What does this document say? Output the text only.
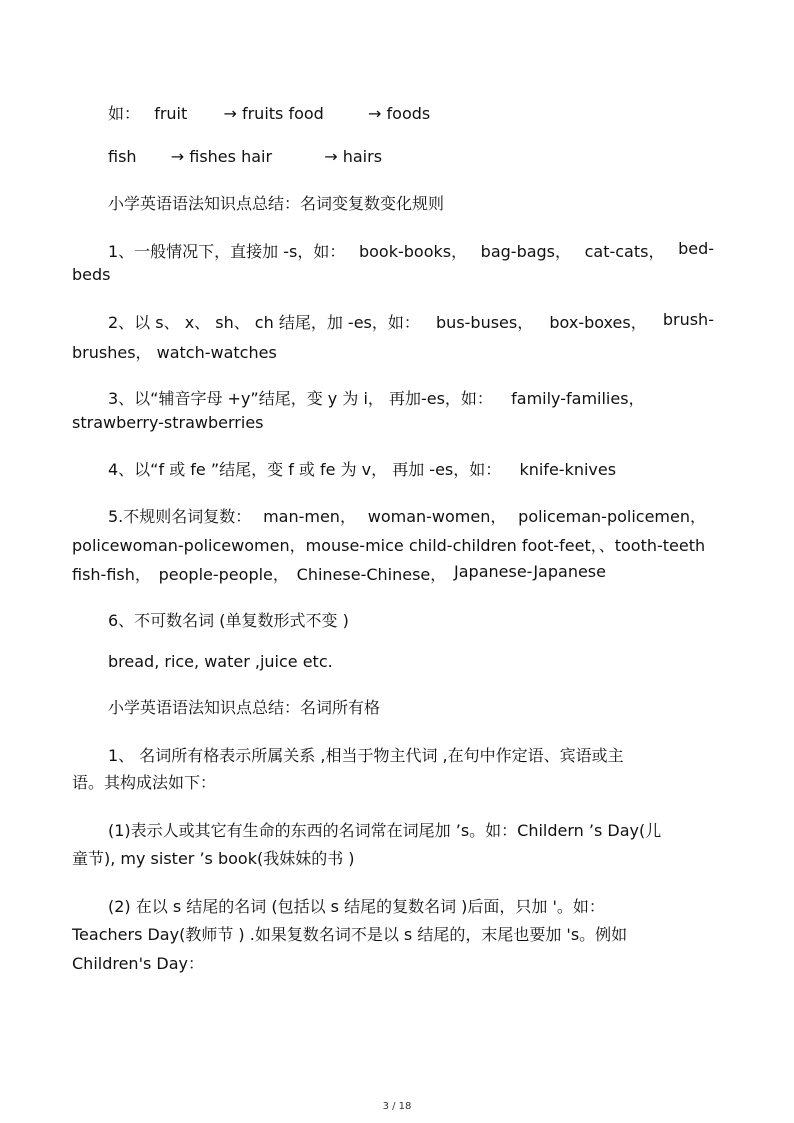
如： fruit → fruits food	→ foods
fish → fishes hair	→ hairs
小学英语语法知识点总结：名词变复数变化规则
1、一般情况下，直接加 -s，如： book-books， bag-bags， cat-cats， bed-
beds
2、以 s、 x、 sh、 ch 结尾，加 -es，如： bus-buses， box-boxes， brush-
brushes， watch-watches
3、以“辅音字母 +y”结尾，变 y 为 i， 再加-es，如： family-families，
strawberry-strawberries
4、以“f 或 fe ”结尾，变 f 或 fe 为 v， 再加 -es，如： knife-knives
5.不规则名词复数： man-men， woman-women， policeman-policemen，
policewoman-policewomen， mouse-mice child-children foot-feet，、tooth-teeth
fish-fish， people-people， Chinese-Chinese， Japanese-Japanese
6、不可数名词 (单复数形式不变 )
bread, rice, water ,juice etc.
小学英语语法知识点总结：名词所有格
1、 名词所有格表示所属关系 ,相当于物主代词 ,在句中作定语、宾语或主
语。其构成法如下：
(1)表示人或其它有生命的东西的名词常在词尾加 ’s。如：Childern ’s Day(儿
童节), my sister ’s book(我妹妹的书 )
(2) 在以 s 结尾的名词 (包括以 s 结尾的复数名词 )后面，只加 '。如：
Teachers Day(教师节 ) .如果复数名词不是以 s 结尾的，末尾也要加 's。例如
Children's Day：
3 / 18
